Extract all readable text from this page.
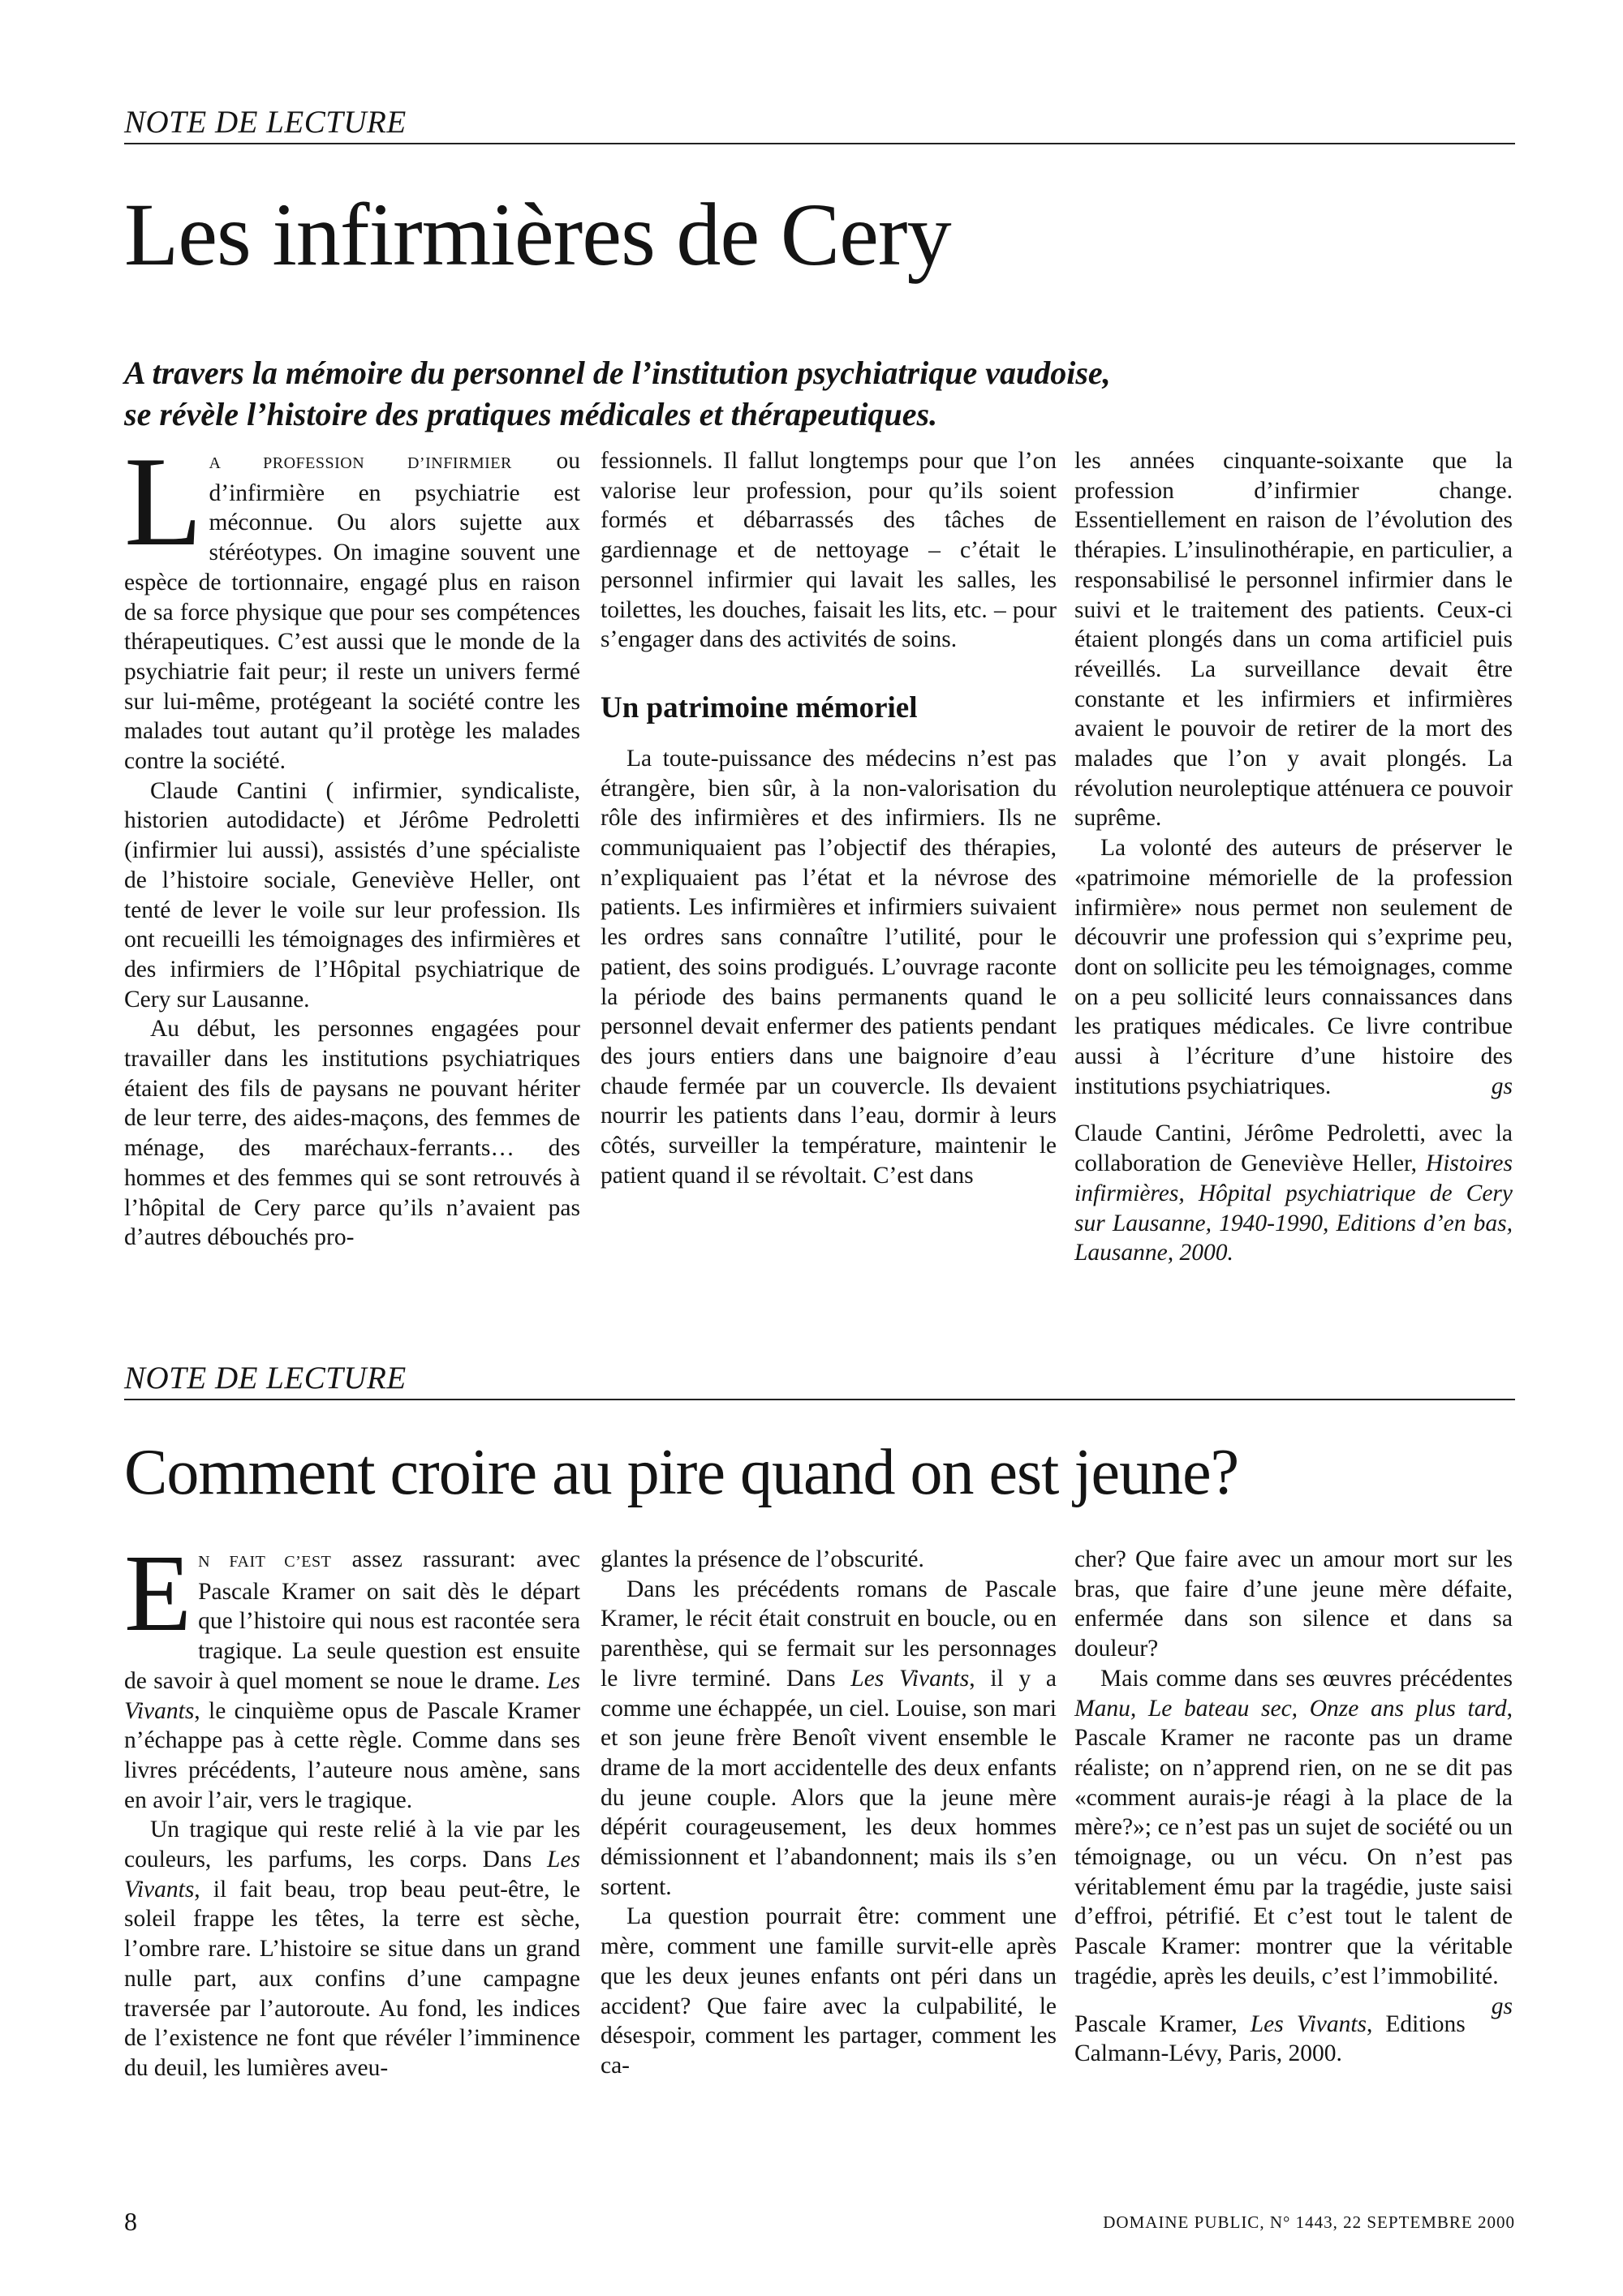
NOTE DE LECTURE
Les infirmières de Cery
A travers la mémoire du personnel de l’institution psychiatrique vaudoise,
se révèle l’histoire des pratiques médicales et thérapeutiques.

LA PROFESSION D’INFIRMIER ou d’infirmière en psychiatrie est méconnue. Ou alors sujette aux stéréotypes. On imagine souvent une espèce de tortionnaire, engagé plus en raison de sa force physique que pour ses compétences thérapeutiques. C’est aussi que le monde de la psychiatrie fait peur; il reste un univers fermé sur lui-même, protégeant la société contre les malades tout autant qu’il protège les malades contre la société.

Claude Cantini ( infirmier, syndicaliste, historien autodidacte) et Jérôme Pedroletti (infirmier lui aussi), assistés d’une spécialiste de l’histoire sociale, Geneviève Heller, ont tenté de lever le voile sur leur profession. Ils ont recueilli les témoignages des infirmières et des infirmiers de l’Hôpital psychiatrique de Cery sur Lausanne.

Au début, les personnes engagées pour travailler dans les institutions psychiatriques étaient des fils de paysans ne pouvant hériter de leur terre, des aides-maçons, des femmes de ménage, des maréchaux-ferrants… des hommes et des femmes qui se sont retrouvés à l’hôpital de Cery parce qu’ils n’avaient pas d’autres débouchés pro-

fessionnels. Il fallut longtemps pour que l’on valorise leur profession, pour qu’ils soient formés et débarrassés des tâches de gardiennage et de nettoyage – c’était le personnel infirmier qui lavait les salles, les toilettes, les douches, faisait les lits, etc. – pour s’engager dans des activités de soins.

Un patrimoine mémoriel

La toute-puissance des médecins n’est pas étrangère, bien sûr, à la non-valorisation du rôle des infirmières et des infirmiers. Ils ne communiquaient pas l’objectif des thérapies, n’expliquaient pas l’état et la névrose des patients. Les infirmières et infirmiers suivaient les ordres sans connaître l’utilité, pour le patient, des soins prodigués. L’ouvrage raconte la période des bains permanents quand le personnel devait enfermer des patients pendant des jours entiers dans une baignoire d’eau chaude fermée par un couvercle. Ils devaient nourrir les patients dans l’eau, dormir à leurs côtés, surveiller la température, maintenir le patient quand il se révoltait. C’est dans

les années cinquante-soixante que la profession d’infirmier change. Essentiellement en raison de l’évolution des thérapies. L’insulinothérapie, en particulier, a responsabilisé le personnel infirmier dans le suivi et le traitement des patients. Ceux-ci étaient plongés dans un coma artificiel puis réveillés. La surveillance devait être constante et les infirmiers et infirmières avaient le pouvoir de retirer de la mort des malades que l’on y avait plongés. La révolution neuroleptique atténuera ce pouvoir suprême.

La volonté des auteurs de préserver le «patrimoine mémorielle de la profession infirmière» nous permet non seulement de découvrir une profession qui s’exprime peu, dont on sollicite peu les témoignages, comme on a peu sollicité leurs connaissances dans les pratiques médicales. Ce livre contribue aussi à l’écriture d’une histoire des institutions psychiatriques.	gs

Claude Cantini, Jérôme Pedroletti, avec la collaboration de Geneviève Heller, Histoires infirmières, Hôpital psychiatrique de Cery sur Lausanne, 1940-1990, Editions d’en bas, Lausanne, 2000.

NOTE DE LECTURE
Comment croire au pire quand on est jeune?

EN FAIT C’EST assez rassurant: avec Pascale Kramer on sait dès le départ que l’histoire qui nous est racontée sera tragique. La seule question est ensuite de savoir à quel moment se noue le drame. Les Vivants, le cinquième opus de Pascale Kramer n’échappe pas à cette règle. Comme dans ses livres précédents, l’auteure nous amène, sans en avoir l’air, vers le tragique.

Un tragique qui reste relié à la vie par les couleurs, les parfums, les corps. Dans Les Vivants, il fait beau, trop beau peut-être, le soleil frappe les têtes, la terre est sèche, l’ombre rare. L’histoire se situe dans un grand nulle part, aux confins d’une campagne traversée par l’autoroute. Au fond, les indices de l’existence ne font que révéler l’imminence du deuil, les lumières aveu-

glantes la présence de l’obscurité.

Dans les précédents romans de Pascale Kramer, le récit était construit en boucle, ou en parenthèse, qui se fermait sur les personnages le livre terminé. Dans Les Vivants, il y a comme une échappée, un ciel. Louise, son mari et son jeune frère Benoît vivent ensemble le drame de la mort accidentelle des deux enfants du jeune couple. Alors que la jeune mère dépérit courageusement, les deux hommes démissionnent et l’abandonnent; mais ils s’en sortent.

La question pourrait être: comment une mère, comment une famille survit-elle après que les deux jeunes enfants ont péri dans un accident? Que faire avec la culpabilité, le désespoir, comment les partager, comment les ca-

cher? Que faire avec un amour mort sur les bras, que faire d’une jeune mère défaite, enfermée dans son silence et dans sa douleur?

Mais comme dans ses œuvres précédentes Manu, Le bateau sec, Onze ans plus tard, Pascale Kramer ne raconte pas un drame réaliste; on n’apprend rien, on ne se dit pas «comment aurais-je réagi à la place de la mère?»; ce n’est pas un sujet de société ou un témoignage, ou un vécu. On n’est pas véritablement ému par la tragédie, juste saisi d’effroi, pétrifié. Et c’est tout le talent de Pascale Kramer: montrer que la véritable tragédie, après les deuils, c’est l’immobilité.
gs

Pascale Kramer, Les Vivants, Editions Calmann-Lévy, Paris, 2000.

8	DOMAINE PUBLIC, N° 1443, 22 SEPTEMBRE 2000
